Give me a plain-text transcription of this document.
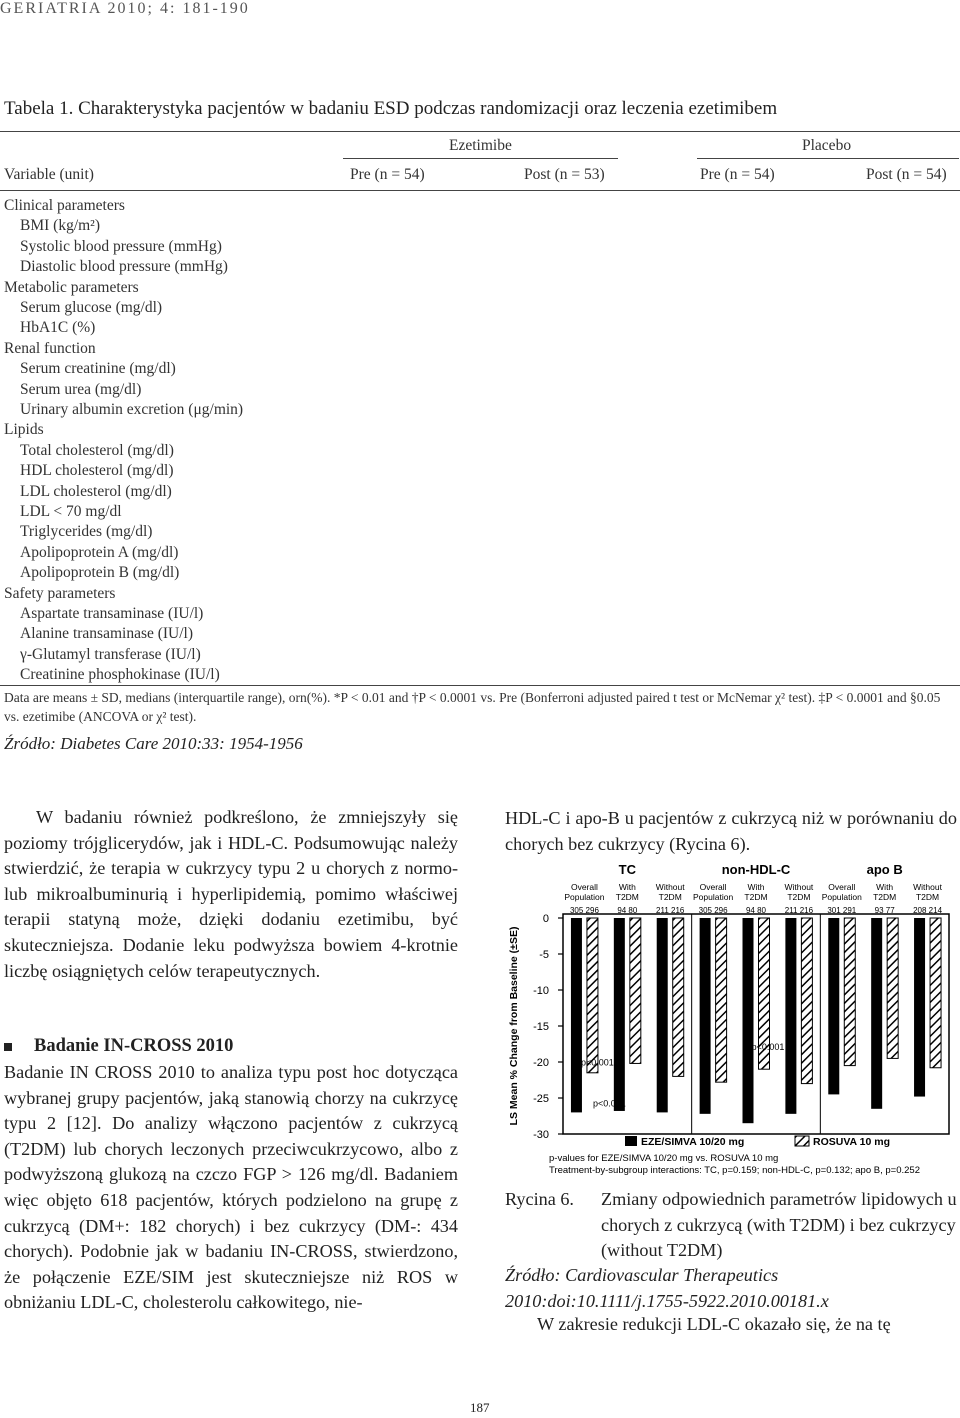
GERIATRIA 2010; 4: 181-190
Tabela 1. Charakterystyka pacjentów w badaniu ESD podczas randomizacji oraz leczenia ezetimibem
Ezetimibe	Placebo
Variable (unit)	Pre (n = 54)	Post (n = 53)	Pre (n = 54)	Post (n = 54)
Clinical parameters
BMI (kg/m²)
Systolic blood pressure (mmHg)
Diastolic blood pressure (mmHg)
Metabolic parameters
Serum glucose (mg/dl)
HbA1C (%)
Renal function
Serum creatinine (mg/dl)
Serum urea (mg/dl)
Urinary albumin excretion (μg/min)
Lipids
Total cholesterol (mg/dl)
HDL cholesterol (mg/dl)
LDL cholesterol (mg/dl)
LDL < 70 mg/dl
Triglycerides (mg/dl)
Apolipoprotein A (mg/dl)
Apolipoprotein B (mg/dl)
Safety parameters
Aspartate transaminase (IU/l)
Alanine transaminase (IU/l)
γ-Glutamyl transferase (IU/l)
Creatinine phosphokinase (IU/l)
Data are means ± SD, medians (interquartile range), orn(%). *P < 0.01 and †P < 0.0001 vs. Pre (Bonferroni adjusted paired t test or McNemar χ² test). ‡P < 0.0001 and §0.05 vs. ezetimibe (ANCOVA or χ² test).
Źródło: Diabetes Care 2010:33: 1954-1956

W badaniu również podkreślono, że zmniejszyły się poziomy trójglicerydów, jak i HDL-C. Podsumowując należy stwierdzić, że terapia w cukrzycy typu 2 u chorych z normo- lub mikroalbuminurią i hyperlipidemią, pomimo właściwej terapii statyną może, dzięki dodaniu ezetimibu, być skuteczniejsza. Dodanie leku podwyższa bowiem 4-krotnie liczbę osiągniętych celów terapeutycznych.

Badanie IN-CROSS 2010

Badanie IN CROSS 2010 to analiza typu post hoc dotycząca wybranej grupy pacjentów, jaką stanowią chorzy na cukrzycę typu 2 [12]. Do analizy włączono pacjentów z cukrzycą (T2DM) lub chorych leczonych przeciwcukrzycowo, albo z podwyższoną glukozą na czczo FGP > 126 mg/dl. Badaniem więc objęto 618 pacjentów, których podzielono na grupę z cukrzycą (DM+: 182 chorych) i bez cukrzycy (DM-: 434 chorych). Podobnie jak w badaniu IN-CROSS, stwierdzono, że połączenie EZE/SIM jest skuteczniejsze niż ROS w obniżaniu LDL-C, cholesterolu całkowitego, nie-

HDL-C i apo-B u pacjentów z cukrzycą niż w porównaniu do chorych bez cukrzycy (Rycina 6).
0
-5
-10
-15
-20
-25
-30
LS Mean % Change from Baseline (±SE)
TC
Overall
Population
305 296
With
T2DM
94 80
Without
T2DM
211 216
non-HDL-C
Overall
Population
305 296
With
T2DM
94 80
Without
T2DM
211 216
apo B
Overall
Population
301 291
With
T2DM
93 77
Without
T2DM
208 214
p<0.001
p<0.001
p<0.001
EZE/SIMVA 10/20 mg	ROSUVA 10 mg
p-values for EZE/SIMVA 10/20 mg vs. ROSUVA 10 mg
Treatment-by-subgroup interactions: TC, p=0.159; non-HDL-C, p=0.132; apo B, p=0.252
Rycina 6. Zmiany odpowiednich parametrów lipidowych u chorych z cukrzycą (with T2DM) i bez cukrzycy (without T2DM)
Źródło: Cardiovascular Therapeutics 2010:doi:10.1111/j.1755-5922.2010.00181.x
W zakresie redukcji LDL-C okazało się, że na tę
187
